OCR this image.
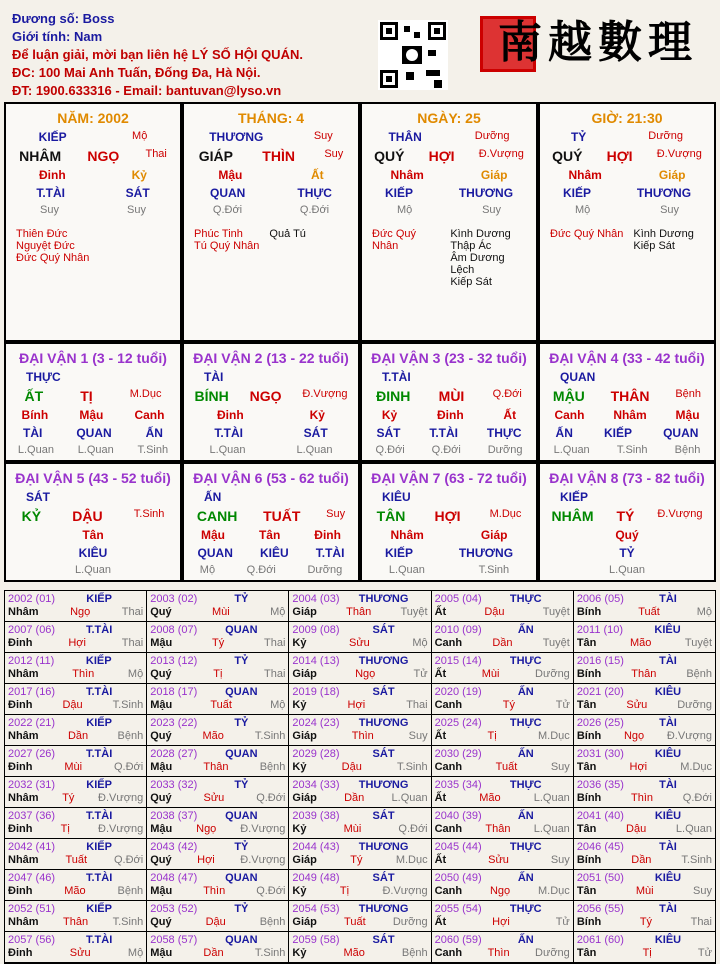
Đương số: Boss
Giới tính: Nam
Để luận giải, mời bạn liên hệ LÝ SỐ HỘI QUÁN.
ĐC: 100 Mai Anh Tuấn, Đống Đa, Hà Nội.
ĐT: 1900.633316 - Email: bantuvan@lyso.vn
南越數理
NĂM: 2002
KIẾP	Mộ
NHÂM NGỌ Thai
Đinh	Kỷ
T.TÀI	SÁT
Suy	Suy
Thiên Đức
Nguyệt Đức
Đức Quý Nhân
THÁNG: 4
THƯƠNG	Suy
GIÁP THÌN	Suy
Mậu	Ất
QUAN	THỰC
Q.Đới	Q.Đới
Phúc Tinh
Tú Quý Nhân
Quả Tú
NGÀY: 25
THÂN	Dưỡng
QUÝ HỢI Đ.Vượng
Nhâm	Giáp
KIẾP	THƯƠNG
Mộ	Suy
Đức Quý Nhân
Kình Dương
Thập Ác
Âm Dương Lệch
Kiếp Sát
GIỜ: 21:30
TỶ	Dưỡng
QUÝ HỢI Đ.Vượng
Nhâm	Giáp
KIẾP	THƯƠNG
Mộ	Suy
Đức Quý Nhân Kình Dương
Kiếp Sát
ĐẠI VẬN 1 (3 - 12 tuổi)
THỰC
ẤT	TỊ	M.Dục
Bính	Mậu	Canh
TÀI	QUAN	ẤN
L.Quan L.Quan T.Sinh
ĐẠI VẬN 2 (13 - 22 tuổi)
TÀI
BÍNH NGỌ Đ.Vượng
Đinh	Kỷ
T.TÀI	SÁT
L.Quan	L.Quan
ĐẠI VẬN 3 (23 - 32 tuổi)
T.TÀI
ĐINH MÙI	Q.Đới
Kỷ	Đinh	Ất
SÁT T.TÀI THỰC
Q.Đới Q.Đới Dưỡng
ĐẠI VẬN 4 (33 - 42 tuổi)
QUAN
MẬU THÂN Bệnh
Canh Nhâm Mậu
ẤN	KIẾP	QUAN
L.Quan T.Sinh Bệnh
ĐẠI VẬN 5 (43 - 52 tuổi)
SÁT
KỶ DẬU	T.Sinh
Tân
KIÊU
L.Quan
ĐẠI VẬN 6 (53 - 62 tuổi)
ẤN
CANH TUẤT Suy
Mậu	Tân	Đinh
QUAN KIÊU T.TÀI
Mộ	Q.Đới	Dưỡng
ĐẠI VẬN 7 (63 - 72 tuổi)
KIÊU
TÂN HỢI	M.Dục
Nhâm	Giáp
KIẾP	THƯƠNG
L.Quan	T.Sinh
ĐẠI VẬN 8 (73 - 82 tuổi)
KIẾP
NHÂM TÝ Đ.Vượng
Quý
TỶ
L.Quan
2002 (01)	KIẾP
Nhâm	Ngọ	Thai
2003 (02)	TỶ
Quý	Mùi	Mộ
2004 (03) THƯƠNG
Giáp	Thân	Tuyệt
2005 (04)	THỰC
Ất	Dậu	Tuyệt
2006 (05)	TÀI
Bính	Tuất	Mộ
2007 (06)	T.TÀI
Đinh	Hợi	Thai
2008 (07)	QUAN
Mậu	Tý	Thai
2009 (08)	SÁT
Kỷ	Sửu	Mộ
2010 (09)	ẤN
Canh	Dần	Tuyệt
2011 (10)	KIÊU
Tân	Mão	Tuyệt
2012 (11)	KIẾP
Nhâm	Thìn	Mộ
2013 (12)	TỶ
Quý	Tị	Thai
2014 (13) THƯƠNG
Giáp	Ngọ	Tử
2015 (14)	THỰC
Ất	Mùi	Dưỡng
2016 (15)	TÀI
Bính	Thân	Bệnh
2017 (16)	T.TÀI
Đinh	Dậu	T.Sinh
2018 (17)	QUAN
Mậu	Tuất	Mộ
2019 (18)	SÁT
Kỷ	Hợi	Thai
2020 (19)	ẤN
Canh	Tý	Tử
2021 (20)	KIÊU
Tân	Sửu	Dưỡng
2022 (21)	KIẾP
Nhâm	Dần	Bệnh
2023 (22)	TỶ
Quý	Mão	T.Sinh
2024 (23) THƯƠNG
Giáp	Thìn	Suy
2025 (24)	THỰC
Ất	Tị	M.Dục
2026 (25)	TÀI
Bính Ngọ Đ.Vượng
2027 (26)	T.TÀI
Đinh	Mùi	Q.Đới
2028 (27)	QUAN
Mậu	Thân	Bệnh
2029 (28)	SÁT
Kỷ	Dậu	T.Sinh
2030 (29)	ẤN
Canh	Tuất	Suy
2031 (30)	KIÊU
Tân	Hợi	M.Dục
2032 (31)	KIẾP
Nhâm Tý Đ.Vượng
2033 (32)	TỶ
Quý	Sửu	Q.Đới
2034 (33) THƯƠNG
Giáp Dần L.Quan
2035 (34)	THỰC
Ất	Mão	L.Quan
2036 (35)	TÀI
Bính	Thìn	Q.Đới
2037 (36)	T.TÀI
Đinh	Tị	Đ.Vượng
2038 (37)	QUAN
Mậu Ngọ Đ.Vượng
2039 (38)	SÁT
Kỷ	Mùi	Q.Đới
2040 (39)	ẤN
Canh Thân L.Quan
2041 (40)	KIÊU
Tân	Dậu	L.Quan
2042 (41)	KIẾP
Nhâm Tuất Q.Đới
2043 (42)	TỶ
Quý Hợi Đ.Vượng
2044 (43) THƯƠNG
Giáp	Tý	M.Dục
2045 (44)	THỰC
Ất	Sửu	Suy
2046 (45)	TÀI
Bính	Dần	T.Sinh
2047 (46)	T.TÀI
Đinh	Mão	Bệnh
2048 (47)	QUAN
Mậu	Thìn	Q.Đới
2049 (48)	SÁT
Kỷ	Tị	Đ.Vượng
2050 (49)	ẤN
Canh	Ngọ	M.Dục
2051 (50)	KIÊU
Tân	Mùi	Suy
2052 (51)	KIẾP
Nhâm Thân T.Sinh
2053 (52)	TỶ
Quý	Dậu	Bệnh
2054 (53) THƯƠNG
Giáp Tuất Dưỡng
2055 (54)	THỰC
Ất	Hợi	Tử
2056 (55)	TÀI
Bính	Tý	Thai
2057 (56)	T.TÀI
Đinh	Sửu	Mộ
2058 (57)	QUAN
Mậu	Dần	T.Sinh
2059 (58)	SÁT
Kỷ	Mão	Bệnh
2060 (59)	ẤN
Canh Thìn Dưỡng
2061 (60)	KIÊU
Tân	Tị	Tử
